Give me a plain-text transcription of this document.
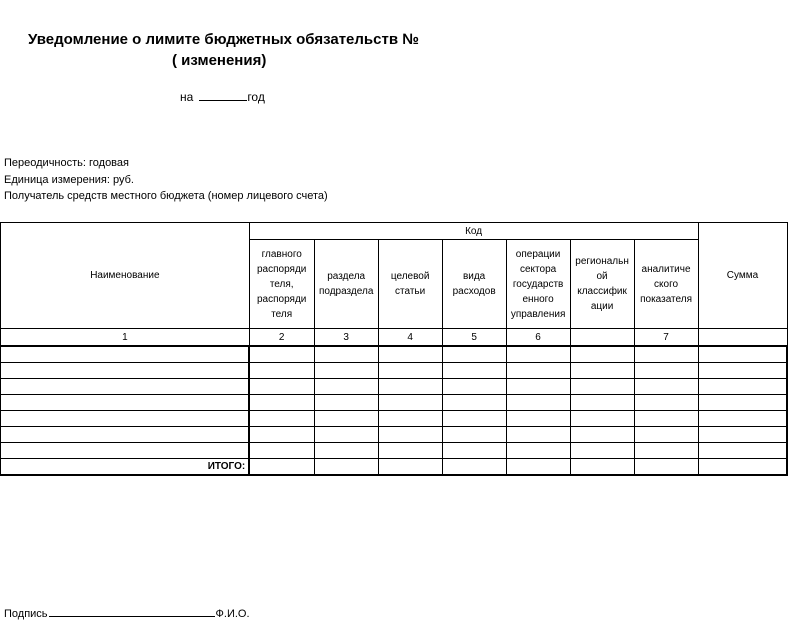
Уведомление о лимите бюджетных обязательств №
( изменения)
на	год
Переодичность: годовая
Единица измерения: руб.
Получатель средств местного бюджета (номер лицевого счета)
Наименование	Код							Сумма
	главного распоряди теля, распоряди теля	раздела подраздела	целевой статьи	вида расходов	операции сектора государств енного управления	региональн ой классифик ации	аналитиче ского показателя	
1	2	3	4	5	6		7	

ИТОГО:								
Подпись	Ф.И.О.
